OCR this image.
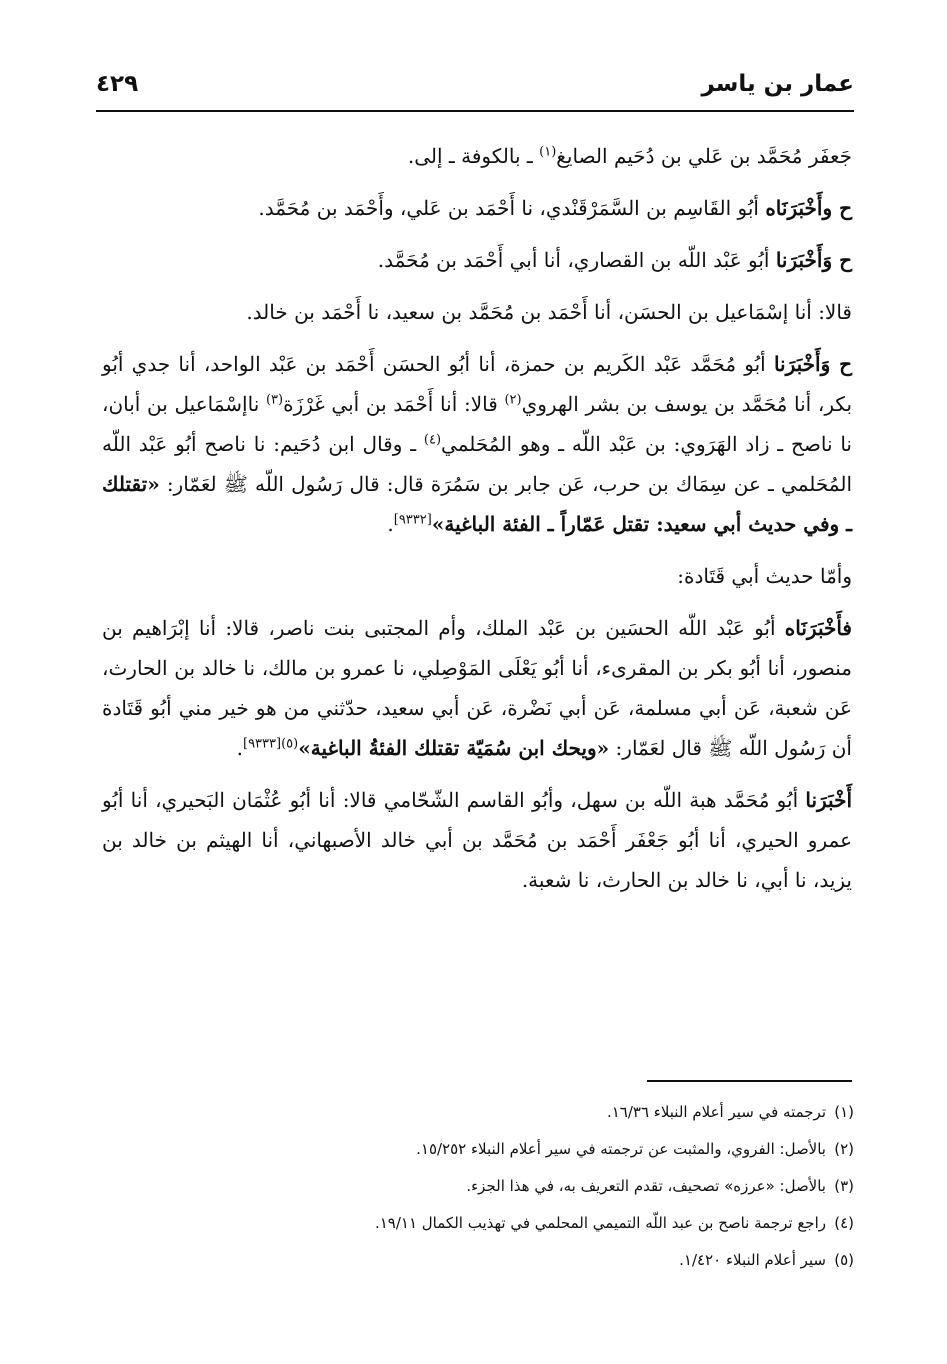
عمار بن ياسر
٤٢٩

جَعفَر مُحَمَّد بن عَلي بن دُحَيم الصايغ$^{(١)}$ ـ بالكوفة ـ إلى.

ح وأَخْبَرَنَاه أبُو القَاسِم بن السَّمَرْقَنْدي، نا أَحْمَد بن عَلي، وأَحْمَد بن مُحَمَّد.

ح وَأَخْبَرَنا أبُو عَبْد اللّه بن القصاري، أنا أبي أَحْمَد بن مُحَمَّد.

قالا: أنا إسْمَاعيل بن الحسَن، أنا أَحْمَد بن مُحَمَّد بن سعيد، نا أَحْمَد بن خالد.

ح وَأَخْبَرَنا أبُو مُحَمَّد عَبْد الكَريم بن حمزة، أنا أبُو الحسَن أَحْمَد بن عَبْد الواحد، أنا جدي أبُو بكر، أنا مُحَمَّد بن يوسف بن بشر الهروي$^{(٢)}$ قالا: أنا أَحْمَد بن أبي غَرْزَة$^{(٣)}$ ناإسْمَاعيل بن أبان، نا ناصح ـ زاد الهَرَوي: بن عَبْد اللّه ـ وهو المُحَلمي$^{(٤)}$ ـ وقال ابن دُحَيم: نا ناصح أبُو عَبْد اللّه المُحَلمي ـ عن سِمَاك بن حرب، عَن جابر بن سَمُرَة قال: قال رَسُول اللّه ﷺ لعَمّار: «تقتلك ـ وفي حديث أبي سعيد: تقتل عَمّاراً ـ الفئة الباغية»[٩٣٣٢].

وأمّا حديث أبي قَتَادة:

فأَخْبَرَنَاه أبُو عَبْد اللّه الحسَين بن عَبْد الملك، وأم المجتبى بنت ناصر، قالا: أنا إبْرَاهيم بن منصور، أنا أبُو بكر بن المقرىء، أنا أبُو يَعْلَى المَوْصِلي، نا عمرو بن مالك، نا خالد بن الحارث، عَن شعبة، عَن أبي مسلمة، عَن أبي نَضْرة، عَن أبي سعيد، حدّثني من هو خير مني أبُو قَتَادة أن رَسُول اللّه ﷺ قال لعَمّار: «ويحك ابن سُمَيّة تقتلك الفئةُ الباغية»$^{(٥)[٩٣٣٣]}$.

أَخْبَرَنا أبُو مُحَمَّد هبة اللّه بن سهل، وأبُو القاسم الشّحّامي قالا: أنا أبُو عُثْمَان البَحيري، أنا أبُو عمرو الحيري، أنا أبُو جَعْفَر أَحْمَد بن مُحَمَّد بن أبي خالد الأصبهاني، أنا الهيثم بن خالد بن يزيد، نا أبي، نا خالد بن الحارث، نا شعبة.

(١)ترجمته في سير أعلام النبلاء ١٦/٣٦.
(٢)بالأصل: الفروي، والمثبت عن ترجمته في سير أعلام النبلاء ١٥/٢٥٢.
(٣)بالأصل: «عرزه» تصحيف، تقدم التعريف به، في هذا الجزء.
(٤)راجع ترجمة ناصح بن عبد اللّه التميمي المحلمي في تهذيب الكمال ١٩/١١.
(٥)سير أعلام النبلاء ١/٤٢٠.
